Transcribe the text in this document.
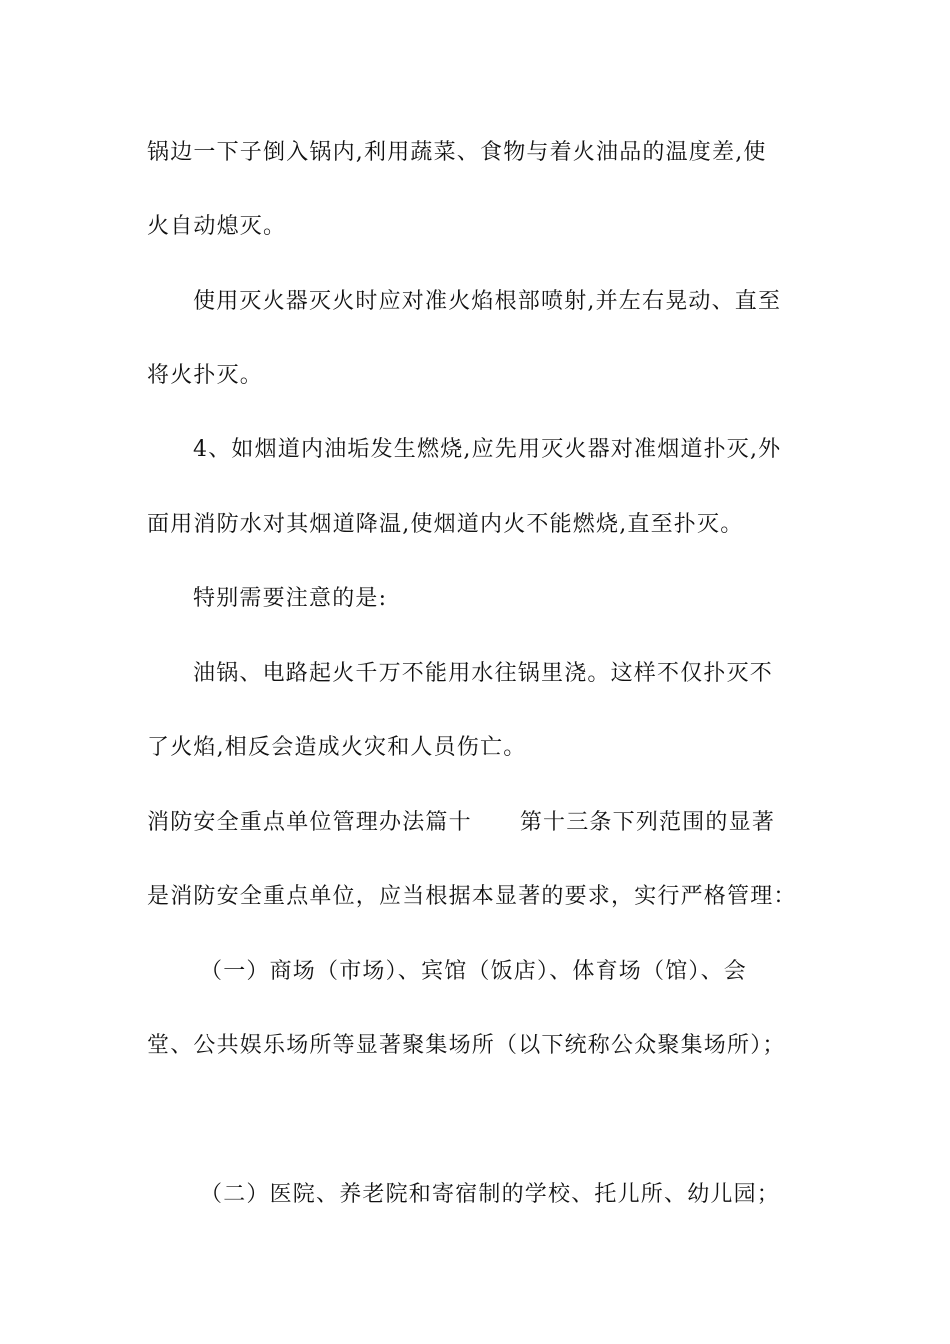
锅边一下子倒入锅内,利用蔬菜、食物与着火油品的温度差,使
火自动熄灭。
使用灭火器灭火时应对准火焰根部喷射,并左右晃动、直至
将火扑灭。
4、如烟道内油垢发生燃烧,应先用灭火器对准烟道扑灭,外
面用消防水对其烟道降温,使烟道内火不能燃烧,直至扑灭。
特别需要注意的是:
油锅、电路起火千万不能用水往锅里浇。这样不仅扑灭不
了火焰,相反会造成火灾和人员伤亡。
消防安全重点单位管理办法篇十 第十三条下列范围的显著
是消防安全重点单位，应当根据本显著的要求，实行严格管理：
（一）商场（市场）、宾馆（饭店）、体育场（馆）、会
堂、公共娱乐场所等显著聚集场所（以下统称公众聚集场所）；
（二）医院、养老院和寄宿制的学校、托儿所、幼儿园；
